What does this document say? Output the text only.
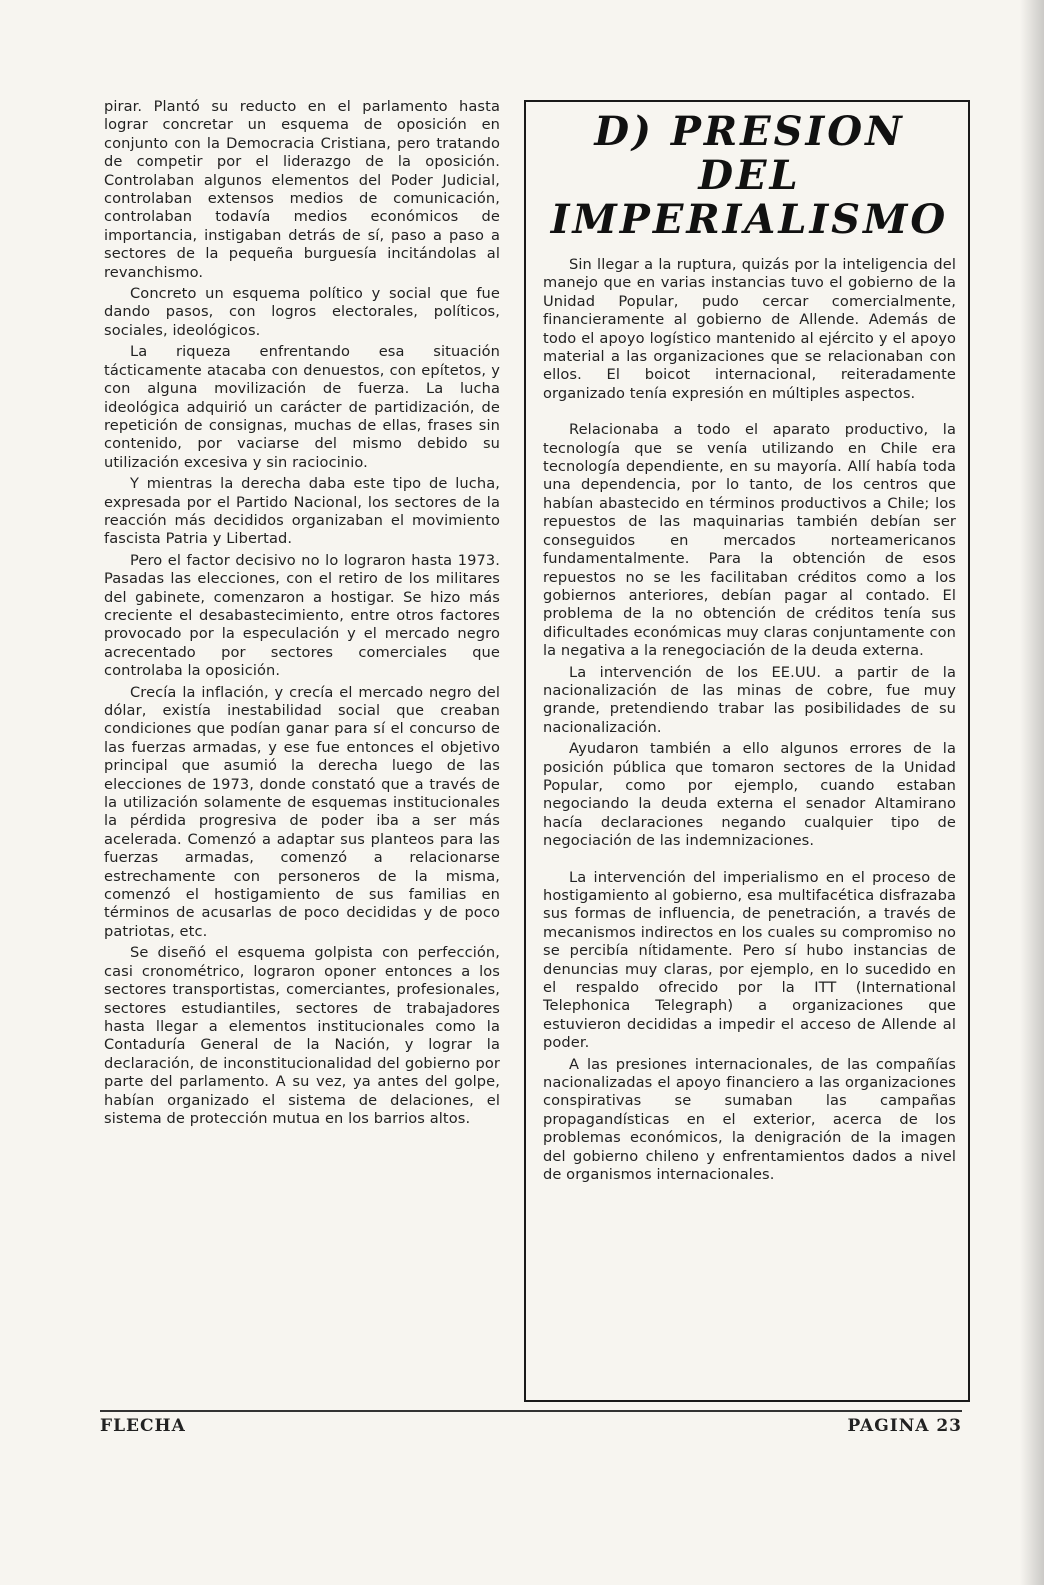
pirar. Plantó su reducto en el parlamento hasta lograr concretar un esquema de oposición en conjunto con la Democracia Cristiana, pero tratando de competir por el liderazgo de la oposición. Controlaban algunos elementos del Poder Judicial, controlaban extensos medios de comunicación, controlaban todavía medios económicos de importancia, instigaban detrás de sí, paso a paso a sectores de la pequeña burguesía incitándolas al revanchismo.

Concreto un esquema político y social que fue dando pasos, con logros electorales, políticos, sociales, ideológicos.

La riqueza enfrentando esa situación tácticamente atacaba con denuestos, con epítetos, y con alguna movilización de fuerza. La lucha ideológica adquirió un carácter de partidización, de repetición de consignas, muchas de ellas, frases sin contenido, por vaciarse del mismo debido su utilización excesiva y sin raciocinio.

Y mientras la derecha daba este tipo de lucha, expresada por el Partido Nacional, los sectores de la reacción más decididos organizaban el movimiento fascista Patria y Libertad.

Pero el factor decisivo no lo lograron hasta 1973. Pasadas las elecciones, con el retiro de los militares del gabinete, comenzaron a hostigar. Se hizo más creciente el desabastecimiento, entre otros factores provocado por la especulación y el mercado negro acrecentado por sectores comerciales que controlaba la oposición.

Crecía la inflación, y crecía el mercado negro del dólar, existía inestabilidad social que creaban condiciones que podían ganar para sí el concurso de las fuerzas armadas, y ese fue entonces el objetivo principal que asumió la derecha luego de las elecciones de 1973, donde constató que a través de la utilización solamente de esquemas institucionales la pérdida progresiva de poder iba a ser más acelerada. Comenzó a adaptar sus planteos para las fuerzas armadas, comenzó a relacionarse estrechamente con personeros de la misma, comenzó el hostigamiento de sus familias en términos de acusarlas de poco decididas y de poco patriotas, etc.

Se diseñó el esquema golpista con perfección, casi cronométrico, lograron oponer entonces a los sectores transportistas, comerciantes, profesionales, sectores estudiantiles, sectores de trabajadores hasta llegar a elementos institucionales como la Contaduría General de la Nación, y lograr la declaración, de inconstitucionalidad del gobierno por parte del parlamento. A su vez, ya antes del golpe, habían organizado el sistema de delaciones, el sistema de protección mutua en los barrios altos.

D) PRESION DEL IMPERIALISMO

Sin llegar a la ruptura, quizás por la inteligencia del manejo que en varias instancias tuvo el gobierno de la Unidad Popular, pudo cercar comercialmente, financieramente al gobierno de Allende. Además de todo el apoyo logístico mantenido al ejército y el apoyo material a las organizaciones que se relacionaban con ellos. El boicot internacional, reiteradamente organizado tenía expresión en múltiples aspectos.

Relacionaba a todo el aparato productivo, la tecnología que se venía utilizando en Chile era tecnología dependiente, en su mayoría. Allí había toda una dependencia, por lo tanto, de los centros que habían abastecido en términos productivos a Chile; los repuestos de las maquinarias también debían ser conseguidos en mercados norteamericanos fundamentalmente. Para la obtención de esos repuestos no se les facilitaban créditos como a los gobiernos anteriores, debían pagar al contado. El problema de la no obtención de créditos tenía sus dificultades económicas muy claras conjuntamente con la negativa a la renegociación de la deuda externa.

La intervención de los EE.UU. a partir de la nacionalización de las minas de cobre, fue muy grande, pretendiendo trabar las posibilidades de su nacionalización.

Ayudaron también a ello algunos errores de la posición pública que tomaron sectores de la Unidad Popular, como por ejemplo, cuando estaban negociando la deuda externa el senador Altamirano hacía declaraciones negando cualquier tipo de negociación de las indemnizaciones.

La intervención del imperialismo en el proceso de hostigamiento al gobierno, esa multifacética disfrazaba sus formas de influencia, de penetración, a través de mecanismos indirectos en los cuales su compromiso no se percibía nítidamente. Pero sí hubo instancias de denuncias muy claras, por ejemplo, en lo sucedido en el respaldo ofrecido por la ITT (International Telephonica Telegraph) a organizaciones que estuvieron decididas a impedir el acceso de Allende al poder.

A las presiones internacionales, de las compañías nacionalizadas el apoyo financiero a las organizaciones conspirativas se sumaban las campañas propagandísticas en el exterior, acerca de los problemas económicos, la denigración de la imagen del gobierno chileno y enfrentamientos dados a nivel de organismos internacionales.

FLECHA	PAGINA 23
